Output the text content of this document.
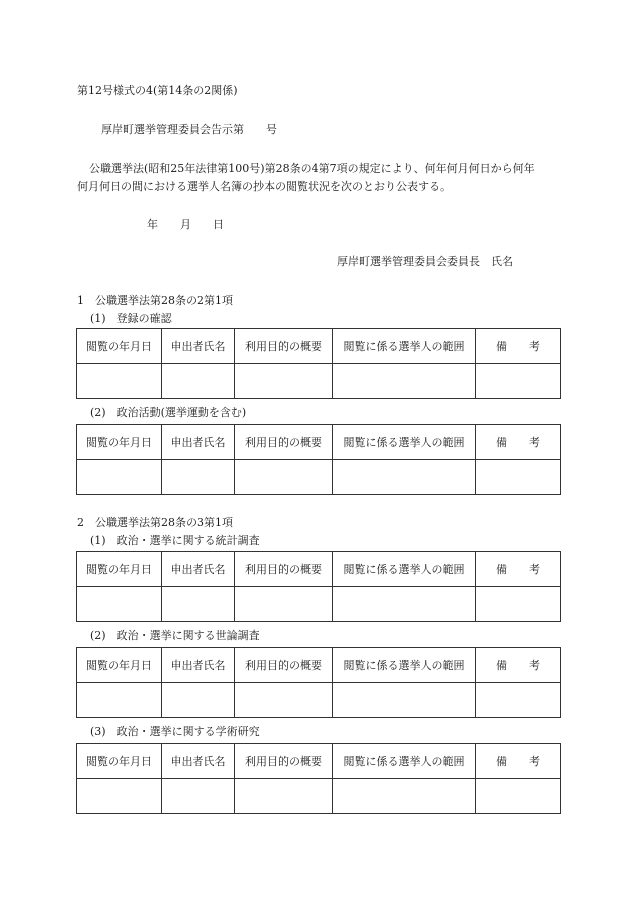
第12号様式の4(第14条の2関係)
厚岸町選挙管理委員会告示第　　号
公職選挙法(昭和25年法律第100号)第28条の4第7項の規定により、何年何月何日から何年
何月何日の間における選挙人名簿の抄本の閲覧状況を次のとおり公表する。
年　　月　　日
厚岸町選挙管理委員会委員長　氏名
1　公職選挙法第28条の2第1項
(1)　登録の確認
閲覧の年月日	申出者氏名	利用目的の概要	閲覧に係る選挙人の範囲	備　　考

(2)　政治活動(選挙運動を含む)
閲覧の年月日	申出者氏名	利用目的の概要	閲覧に係る選挙人の範囲	備　　考

2　公職選挙法第28条の3第1項
(1)　政治・選挙に関する統計調査
閲覧の年月日	申出者氏名	利用目的の概要	閲覧に係る選挙人の範囲	備　　考

(2)　政治・選挙に関する世論調査
閲覧の年月日	申出者氏名	利用目的の概要	閲覧に係る選挙人の範囲	備　　考

(3)　政治・選挙に関する学術研究
閲覧の年月日	申出者氏名	利用目的の概要	閲覧に係る選挙人の範囲	備　　考
